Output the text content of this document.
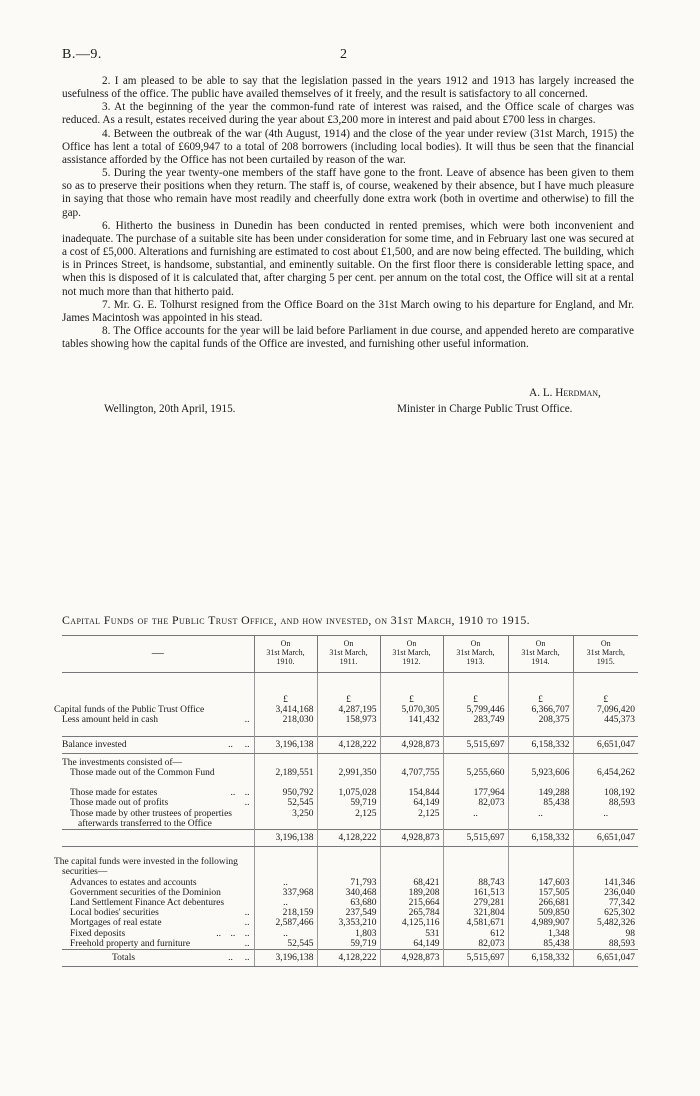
B.—9.	2

2. I am pleased to be able to say that the legislation passed in the years 1912 and 1913 has largely increased the usefulness of the office. The public have availed themselves of it freely, and the result is satisfactory to all concerned.

3. At the beginning of the year the common-fund rate of interest was raised, and the Office scale of charges was reduced. As a result, estates received during the year about £3,200 more in interest and paid about £700 less in charges.

4. Between the outbreak of the war (4th August, 1914) and the close of the year under review (31st March, 1915) the Office has lent a total of £609,947 to a total of 208 borrowers (including local bodies). It will thus be seen that the financial assistance afforded by the Office has not been curtailed by reason of the war.

5. During the year twenty-one members of the staff have gone to the front. Leave of absence has been given to them so as to preserve their positions when they return. The staff is, of course, weakened by their absence, but I have much pleasure in saying that those who remain have most readily and cheerfully done extra work (both in overtime and otherwise) to fill the gap.

6. Hitherto the business in Dunedin has been conducted in rented premises, which were both inconvenient and inadequate. The purchase of a suitable site has been under consideration for some time, and in February last one was secured at a cost of £5,000. Alterations and furnishing are estimated to cost about £1,500, and are now being effected. The building, which is in Princes Street, is handsome, substantial, and eminently suitable. On the first floor there is considerable letting space, and when this is disposed of it is calculated that, after charging 5 per cent. per annum on the total cost, the Office will sit at a rental not much more than that hitherto paid.

7. Mr. G. E. Tolhurst resigned from the Office Board on the 31st March owing to his departure for England, and Mr. James Macintosh was appointed in his stead.

8. The Office accounts for the year will be laid before Parliament in due course, and appended hereto are comparative tables showing how the capital funds of the Office are invested, and furnishing other useful information.

A. L. Herdman,
Wellington, 20th April, 1915.	Minister in Charge Public Trust Office.
Capital Funds of the Public Trust Office, and how invested, on 31st March, 1910 to 1915.
—	On
31st March,
1910.	On
31st March,
1911.	On
31st March,
1912.	On
31st March,
1913.	On
31st March,
1914.	On
31st March,
1915.

	£	£	£	£	£	£
Capital funds of the Public Trust Office	3,414,168	4,287,195	5,070,305	5,799,446	6,366,707	7,096,420
Less amount held in cash ..	218,030	158,973	141,432	283,749	208,375	445,373

Balance invested ..     ..	3,196,138	4,128,222	4,928,873	5,515,697	6,158,332	6,651,047
The investments consisted of—						
Those made out of the Common Fund	2,189,551	2,991,350	4,707,755	5,255,660	5,923,606	6,454,262

Those made for estates ..    ..	950,792	1,075,028	154,844	177,964	149,288	108,192
Those made out of profits ..	52,545	59,719	64,149	82,073	85,438	88,593
Those made by other trustees of properties afterwards transferred to the Office	3,250	2,125	2,125	..	..	..
	3,196,138	4,128,222	4,928,873	5,515,697	6,158,332	6,651,047

The capital funds were invested in the following securities—						
Advances to estates and accounts	..	71,793	68,421	88,743	147,603	141,346
Government securities of the Dominion	337,968	340,468	189,208	161,513	157,505	236,040
Land Settlement Finance Act debentures	..	63,680	215,664	279,281	266,681	77,342
Local bodies' securities ..	218,159	237,549	265,784	321,804	509,850	625,302
Mortgages of real estate ..	2,587,466	3,353,210	4,125,116	4,581,671	4,989,907	5,482,326
Fixed deposits ..    ..    ..	..	1,803	531	612	1,348	98
Freehold property and furniture ..	52,545	59,719	64,149	82,073	85,438	88,593
Totals ..     ..	3,196,138	4,128,222	4,928,873	5,515,697	6,158,332	6,651,047
